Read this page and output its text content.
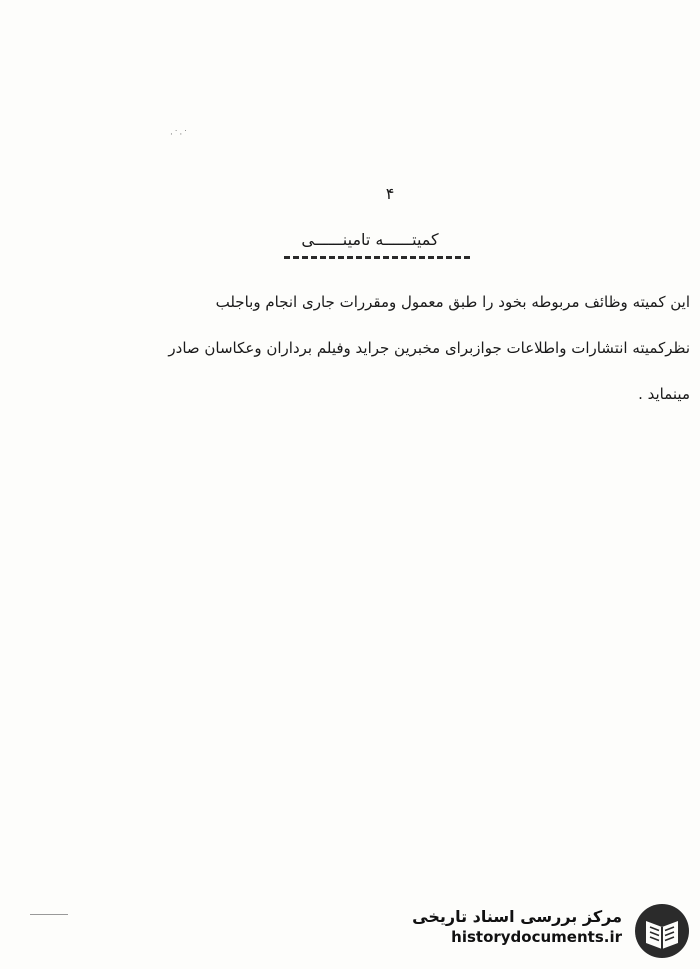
·˙·˙
۴
کمیتــــــه تامینــــــی
این کمیته وظائف مربوطه بخود را طبق معمول ومقررات جاری انجام وباجلب
نظرکمیته انتشارات واطلاعات جوازبرای مخبرین جراید وفیلم برداران وعکاسان صادر
مینماید .
مرکز بررسی اسناد تاریخی
historydocuments.ir
